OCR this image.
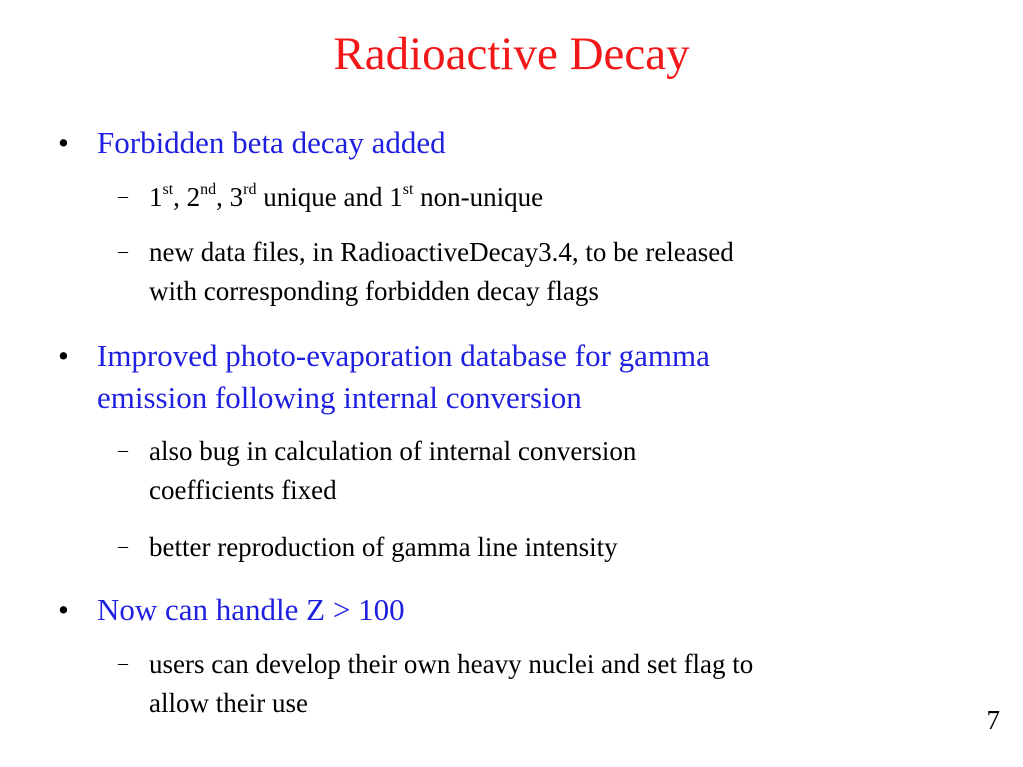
Radioactive Decay
• Forbidden beta decay added
– 1st, 2nd, 3rd unique and 1st non-unique
– new data files, in RadioactiveDecay3.4, to be released
with corresponding forbidden decay flags
• Improved photo-evaporation database for gamma
emission following internal conversion
– also bug in calculation of internal conversion
coefficients fixed
– better reproduction of gamma line intensity
• Now can handle Z > 100
– users can develop their own heavy nuclei and set flag to
allow their use
7
